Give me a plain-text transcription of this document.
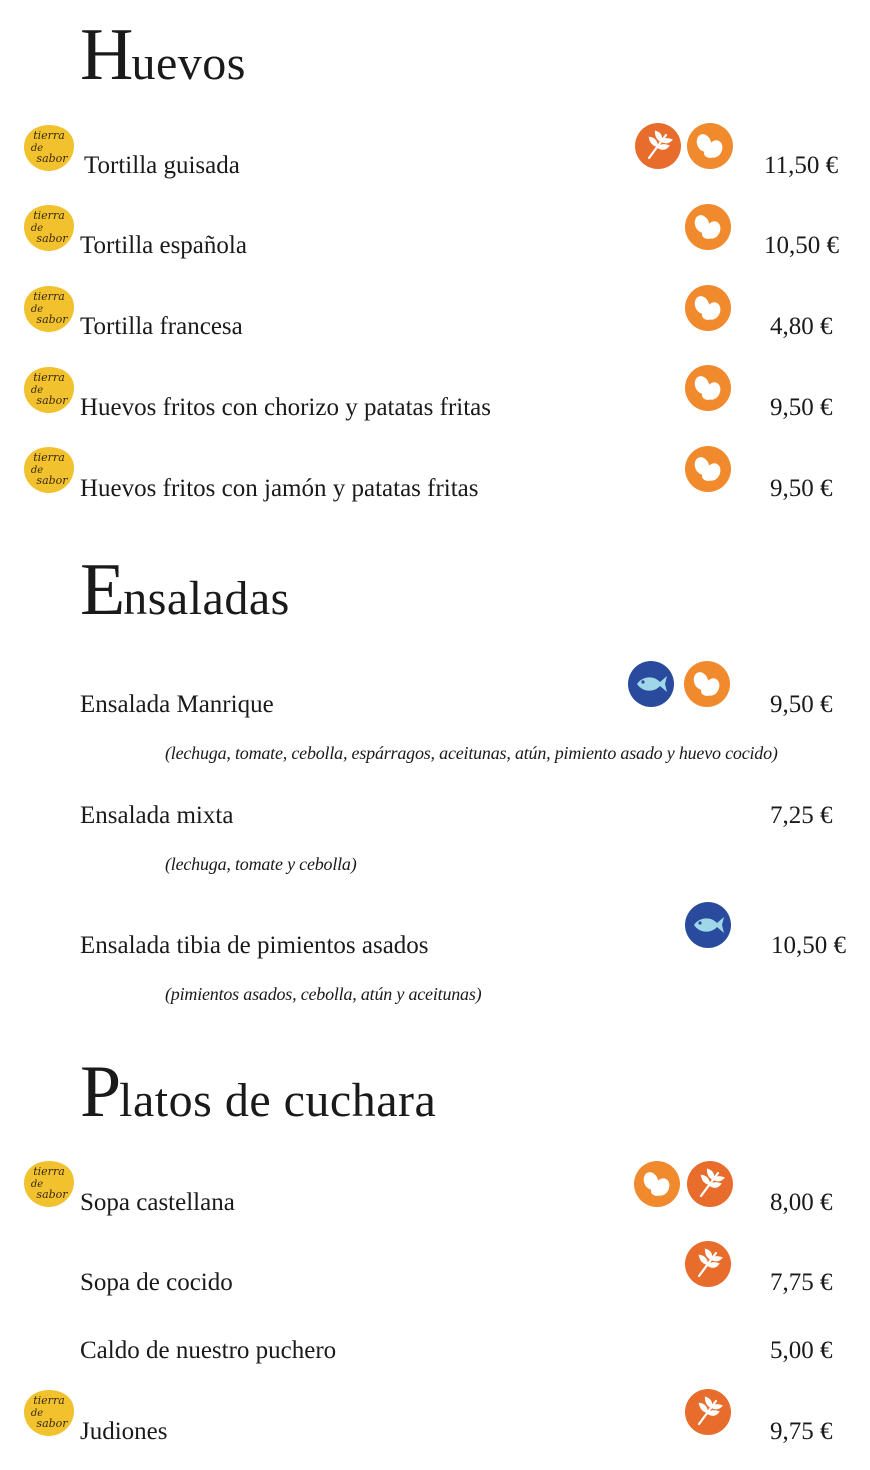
Huevos
tierra
de
sabor Tortilla guisada	11,50 €
tierra
de
sabor Tortilla española	10,50 €
tierra
de
sabor Tortilla francesa	4,80 €
tierra
de
sabor Huevos fritos con chorizo y patatas fritas	9,50 €
tierra
de
sabor Huevos fritos con jamón y patatas fritas	9,50 €
Ensaladas
Ensalada Manrique	9,50 €
(lechuga, tomate, cebolla, espárragos, aceitunas, atún, pimiento asado y huevo cocido)
Ensalada mixta	7,25 €
(lechuga, tomate y cebolla)
Ensalada tibia de pimientos asados	10,50 €
(pimientos asados, cebolla, atún y aceitunas)
Platos de cuchara
tierra
de
sabor Sopa castellana	8,00 €
Sopa de cocido	7,75 €
Caldo de nuestro puchero	5,00 €
tierra
de
sabor Judiones	9,75 €
